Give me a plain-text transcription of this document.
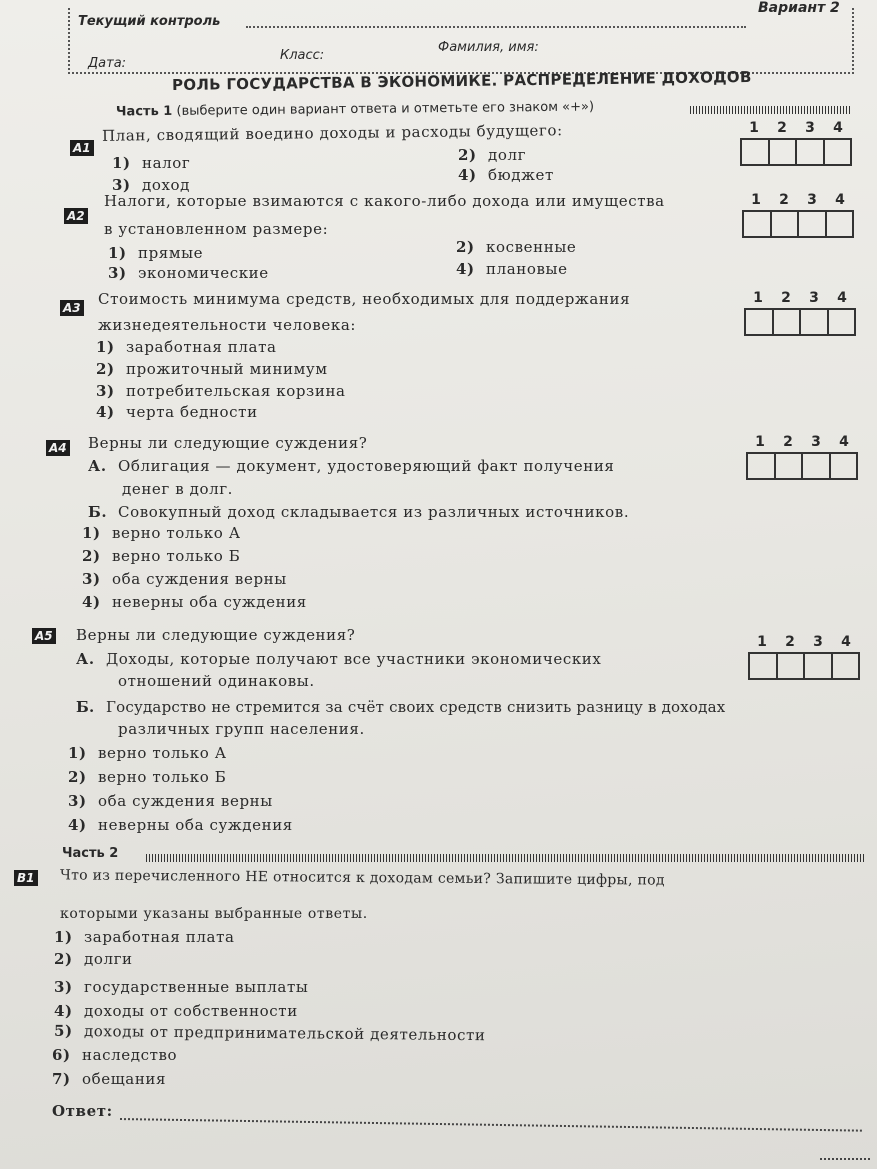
Текущий контроль
Вариант 2
Дата:
Класс:
Фамилия, имя:
РОЛЬ ГОСУДАРСТВА В ЭКОНОМИКЕ. РАСПРЕДЕЛЕНИЕ ДОХОДОВ
Часть 1 (выберите один вариант ответа и отметьте его знаком «+»)
А1
План, сводящий воедино доходы и расходы будущего:
1) налог	2) долг
3) доход
4) бюджет
1 2 3 4
А2
Налоги, которые взимаются с какого-либо дохода или имущества
в установленном размере:
1) прямые	2) косвенные
3) экономические	4) плановые
1 2 3 4
А3 Стоимость минимума средств, необходимых для поддержания
жизнедеятельности человека:
1) заработная плата
2) прожиточный минимум
3) потребительская корзина
4) черта бедности
1 2 3 4
А4 Верны ли следующие суждения?
А. Облигация — документ, удостоверяющий факт получения
денег в долг.
Б. Совокупный доход складывается из различных источников.
1) верно только А
2) верно только Б
3) оба суждения верны
4) неверны оба суждения
1 2 3 4
А5 Верны ли следующие суждения?
А. Доходы, которые получают все участники экономических
отношений одинаковы.
Б. Государство не стремится за счёт своих средств снизить разницу в доходах
различных групп населения.
1) верно только А
2) верно только Б
3) оба суждения верны
4) неверны оба суждения
1 2 3 4
Часть 2
В1 Что из перечисленного НЕ относится к доходам семьи? Запишите цифры, под
которыми указаны выбранные ответы.
1) заработная плата
2) долги
3) государственные выплаты
4) доходы от собственности
5) доходы от предпринимательской деятельности
6) наследство
7) обещания
Ответ:
